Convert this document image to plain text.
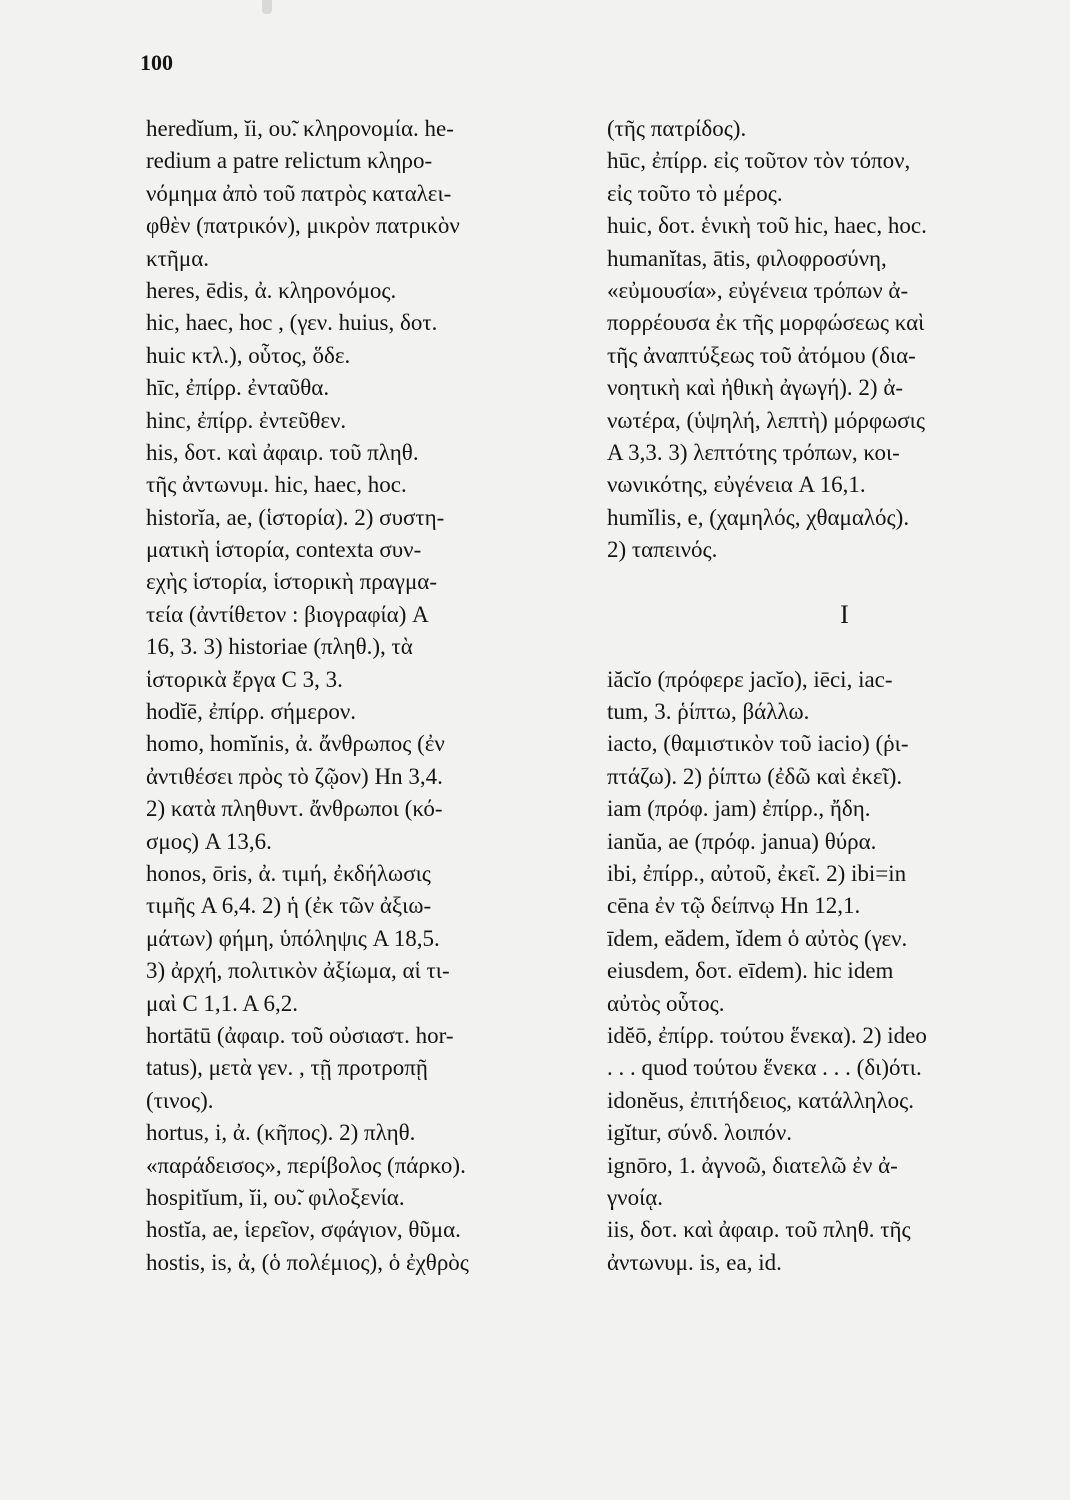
100
heredĭum, ĭi, ου̃. κληρονομία. he-
redium a patre relictum κληρο-
νόμημα ἀπὸ τοῦ πατρὸς καταλει-
φθὲν (πατρικόν), μικρὸν πατρικὸν
κτῆμα.
heres, ēdis, ἀ. κληρονόμος.
hic, haec, hoc , (γεν. huius, δοτ.
huic κτλ.), οὗτος, ὅδε.
hīc, ἐπίρρ. ἐνταῦθα.
hinc, ἐπίρρ. ἐντεῦθεν.
his, δοτ. καὶ ἀφαιρ. τοῦ πληθ.
τῆς ἀντωνυμ. hic, haec, hoc.
historĭa, ae, (ἱστορία). 2) συστη-
ματικὴ ἱστορία, contexta συν-
εχὴς ἱστορία, ἱστορικὴ πραγμα-
τεία (ἀντίθετον : βιογραφία) A
16, 3. 3) historiae (πληθ.), τὰ
ἱστορικὰ ἔργα C 3, 3.
hodĭē, ἐπίρρ. σήμερον.
homo, homĭnis, ἀ. ἄνθρωπος (ἐν
ἀντιθέσει πρὸς τὸ ζῷον) Hn 3,4.
2) κατὰ πληθυντ. ἄνθρωποι (κό-
σμος) A 13,6.
honos, ōris, ἀ. τιμή, ἐκδήλωσις
τιμῆς A 6,4. 2) ἡ (ἐκ τῶν ἀξιω-
μάτων) φήμη, ὑπόληψις A 18,5.
3) ἀρχή, πολιτικὸν ἀξίωμα, αἱ τι-
μαὶ C 1,1. A 6,2.
hortātū (ἀφαιρ. τοῦ οὐσιαστ. hor-
tatus), μετὰ γεν. , τῇ προτροπῇ
(τινος).
hortus, i, ἀ. (κῆπος). 2) πληθ.
«παράδεισος», περίβολος (πάρκο).
hospitĭum, ĭi, ου̃. φιλοξενία.
hostĭa, ae, ἱερεῖον, σφάγιον, θῦμα.
hostis, is, ἀ, (ὁ πολέμιος), ὁ ἐχθρὸς
(τῆς πατρίδος).
hūc, ἐπίρρ. εἰς τοῦτον τὸν τόπον,
εἰς τοῦτο τὸ μέρος.
huic, δοτ. ἑνικὴ τοῦ hic, haec, hoc.
humanĭtas, ātis, φιλοφροσύνη,
«εὐμουσία», εὐγένεια τρόπων ἀ-
πορρέουσα ἐκ τῆς μορφώσεως καὶ
τῆς ἀναπτύξεως τοῦ ἀτόμου (δια-
νοητικὴ καὶ ἠθικὴ ἀγωγή). 2) ἀ-
νωτέρα, (ὑψηλή, λεπτὴ) μόρφωσις
A 3,3. 3) λεπτότης τρόπων, κοι-
νωνικότης, εὐγένεια A 16,1.
humĭlis, e, (χαμηλός, χθαμαλός).
2) ταπεινός.
I
iăcĭo (πρόφερε jacĭo), iēci, iac-
tum, 3. ῥίπτω, βάλλω.
iacto, (θαμιστικὸν τοῦ iacio) (ῥι-
πτάζω). 2) ῥίπτω (ἐδῶ καὶ ἐκεῖ).
iam (πρόφ. jam) ἐπίρρ., ἤδη.
ianŭa, ae (πρόφ. janua) θύρα.
ibi, ἐπίρρ., αὐτοῦ, ἐκεῖ. 2) ibi=in
cēna ἐν τῷ δείπνῳ Hn 12,1.
īdem, eădem, ĭdem ὁ αὐτὸς (γεν.
eiusdem, δοτ. eīdem). hic idem
αὐτὸς οὗτος.
idĕō, ἐπίρρ. τούτου ἕνεκα). 2) ideo
. . . quod τούτου ἕνεκα . . . (δι)ότι.
idonĕus, ἐπιτήδειος, κατάλληλος.
igĭtur, σύνδ. λοιπόν.
ignōro, 1. ἀγνοῶ, διατελῶ ἐν ἀ-
γνοίᾳ.
iis, δοτ. καὶ ἀφαιρ. τοῦ πληθ. τῆς
ἀντωνυμ. is, ea, id.
